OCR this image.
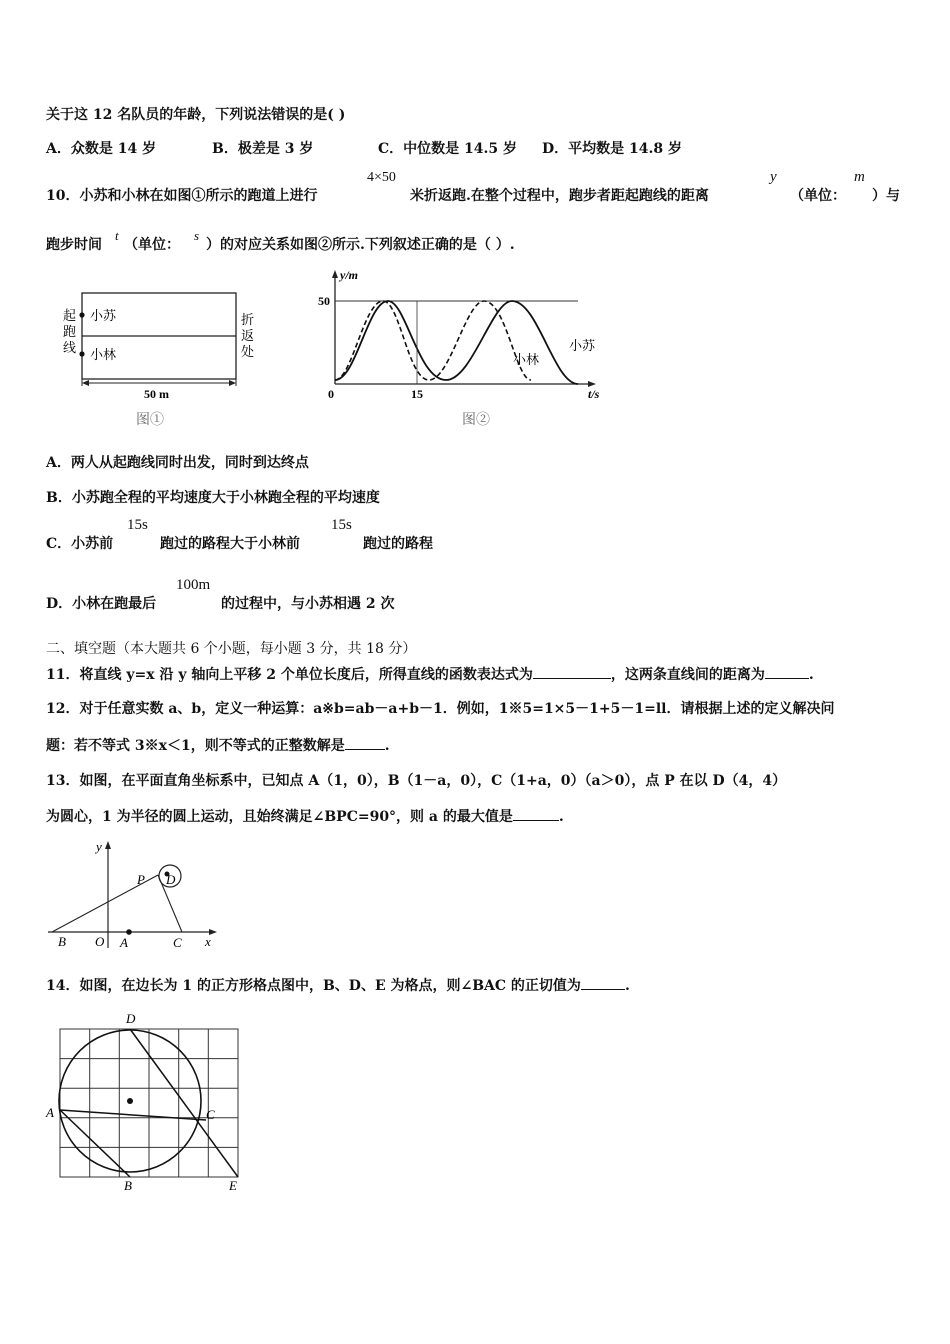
关于这 12 名队员的年龄，下列说法错误的是( )
A．众数是 14 岁	B．极差是 3 岁	C．中位数是 14.5 岁 D．平均数是 14.8 岁
10．小苏和小林在如图①所示的跑道上进行
4×50
米折返跑.在整个过程中，跑步者距起跑线的距离
y
（单位：
m
）与
跑步时间
t
（单位：
s
）的对应关系如图②所示.下列叙述正确的是（ ）.
小苏
小林
起
跑
线
折
返
处
50 m
图①
y/m
t/s
50
0	15
小林
小苏
图②
A．两人从起跑线同时出发，同时到达终点
B．小苏跑全程的平均速度大于小林跑全程的平均速度
C．小苏前
15s
跑过的路程大于小林前
15s
跑过的路程
D．小林在跑最后
100m
的过程中，与小苏相遇 2 次
二、填空题（本大题共 6 个小题，每小题 3 分，共 18 分）
11．将直线 y=x 沿 y 轴向上平移 2 个单位长度后，所得直线的函数表达式为	，这两条直线间的距离为	.
12．对于任意实数 a、b，定义一种运算：a※b=ab－a+b－1．例如，1※5=1×5－1+5－1=ll．请根据上述的定义解决问
题：若不等式 3※x＜1，则不等式的正整数解是	.
13．如图，在平面直角坐标系中，已知点 A（1，0），B（1－a，0），C（1+a，0）（a＞0），点 P 在以 D（4，4）
为圆心，1 为半径的圆上运动，且始终满足∠BPC=90°，则 a 的最大值是	.
y
x
P D
B O A	C
14．如图，在边长为 1 的正方形格点图中，B、D、E 为格点，则∠BAC 的正切值为	.
D
A	C
B	E
